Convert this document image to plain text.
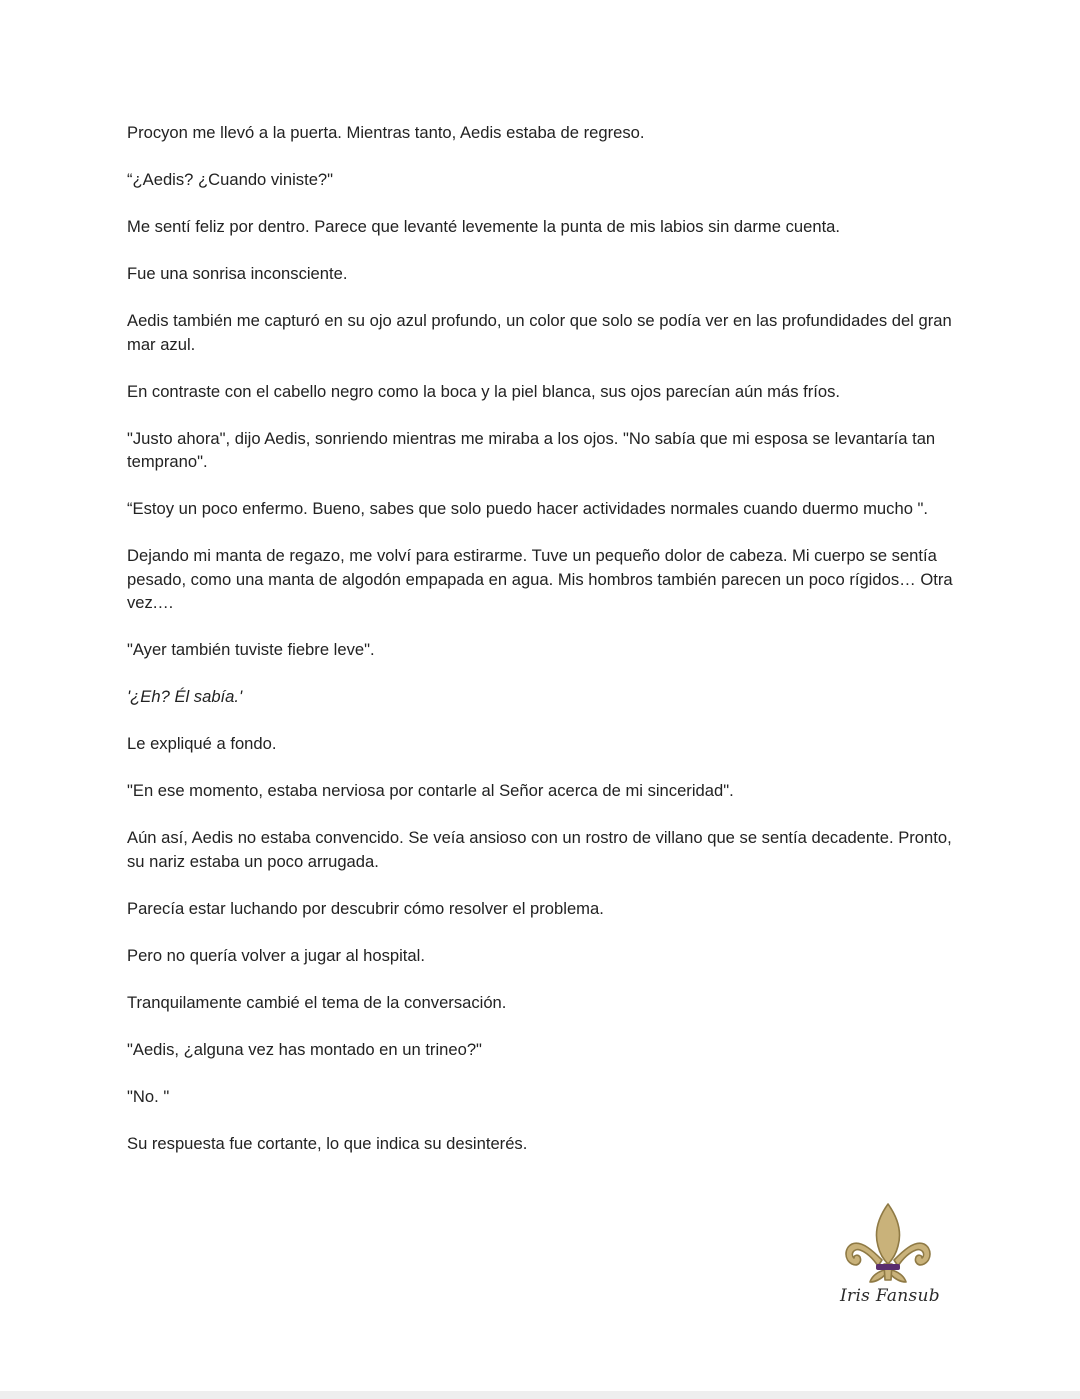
Procyon me llevó a la puerta. Mientras tanto, Aedis estaba de regreso.

“¿Aedis? ¿Cuando viniste?"

Me sentí feliz por dentro. Parece que levanté levemente la punta de mis labios sin darme cuenta.

Fue una sonrisa inconsciente.

Aedis también me capturó en su ojo azul profundo, un color que solo se podía ver en las profundidades del gran mar azul.

En contraste con el cabello negro como la boca y la piel blanca, sus ojos parecían aún más fríos.

"Justo ahora", dijo Aedis, sonriendo mientras me miraba a los ojos. "No sabía que mi esposa se levantaría tan temprano".

“Estoy un poco enfermo. Bueno, sabes que solo puedo hacer actividades normales cuando duermo mucho ".

Dejando mi manta de regazo, me volví para estirarme. Tuve un pequeño dolor de cabeza. Mi cuerpo se sentía pesado, como una manta de algodón empapada en agua. Mis hombros también parecen un poco rígidos… Otra vez.…

"Ayer también tuviste fiebre leve".

'¿Eh? Él sabía.'

Le expliqué a fondo.

"En ese momento, estaba nerviosa por contarle al Señor acerca de mi sinceridad".

Aún así, Aedis no estaba convencido. Se veía ansioso con un rostro de villano que se sentía decadente. Pronto, su nariz estaba un poco arrugada.

Parecía estar luchando por descubrir cómo resolver el problema.

Pero no quería volver a jugar al hospital.

Tranquilamente cambié el tema de la conversación.

"Aedis, ¿alguna vez has montado en un trineo?"

"No. "

Su respuesta fue cortante, lo que indica su desinterés.

Iris Fansub
